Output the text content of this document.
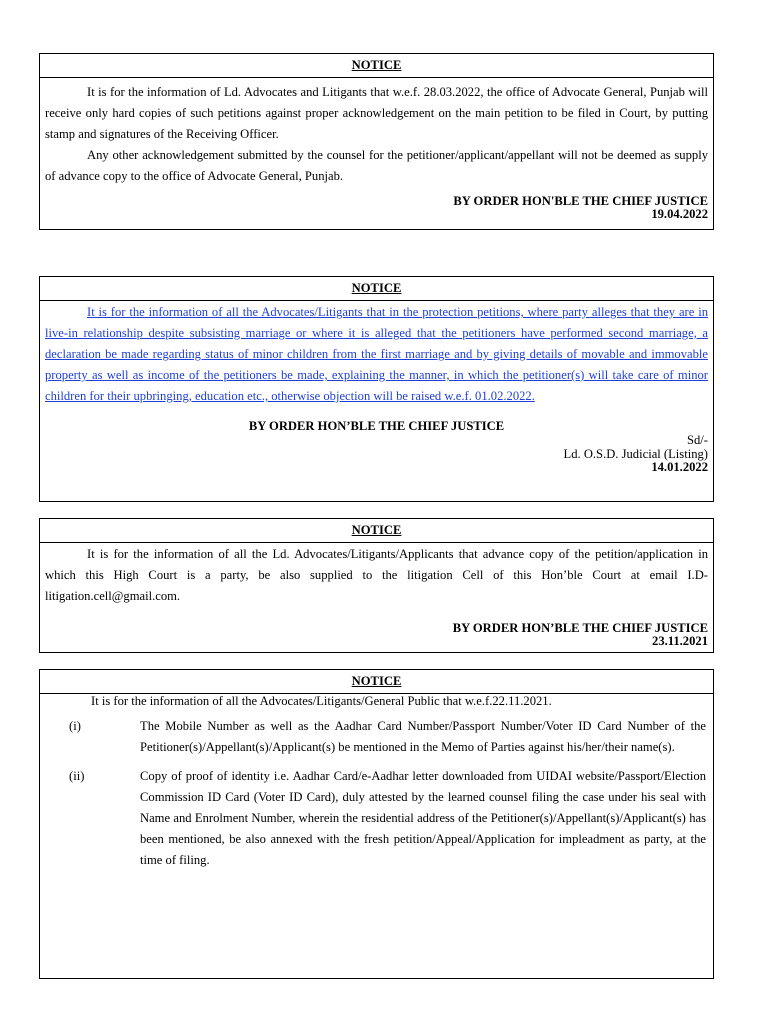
NOTICE

It is for the information of Ld. Advocates and Litigants that w.e.f. 28.03.2022, the office of Advocate General, Punjab will receive only hard copies of such petitions against proper acknowledgement on the main petition to be filed in Court, by putting stamp and signatures of the Receiving Officer.

Any other acknowledgement submitted by the counsel for the petitioner/applicant/appellant will not be deemed as supply of advance copy to the office of Advocate General, Punjab.

BY ORDER HON'BLE THE CHIEF JUSTICE
19.04.2022
NOTICE

It is for the information of all the Advocates/Litigants that in the protection petitions, where party alleges that they are in live-in relationship despite subsisting marriage or where it is alleged that the petitioners have performed second marriage, a declaration be made regarding status of minor children from the first marriage and by giving details of movable and immovable property as well as income of the petitioners be made, explaining the manner, in which the petitioner(s) will take care of minor children for their upbringing, education etc., otherwise objection will be raised w.e.f. 01.02.2022.

BY ORDER HON’BLE THE CHIEF JUSTICE
Sd/-
Ld. O.S.D. Judicial (Listing)
14.01.2022
NOTICE

It is for the information of all the Ld. Advocates/Litigants/Applicants that advance copy of the petition/application in which this High Court is a party, be also supplied to the litigation Cell of this Hon’ble Court at email I.D-litigation.cell@gmail.com.

BY ORDER HON’BLE THE CHIEF JUSTICE
23.11.2021
NOTICE

It is for the information of all the Advocates/Litigants/General Public that w.e.f.22.11.2021.

(i)	The Mobile Number as well as the Aadhar Card Number/Passport Number/Voter ID Card Number of the Petitioner(s)/Appellant(s)/Applicant(s) be mentioned in the Memo of Parties against his/her/their name(s).
(ii)	Copy of proof of identity i.e. Aadhar Card/e-Aadhar letter downloaded from UIDAI website/Passport/Election Commission ID Card (Voter ID Card), duly attested by the learned counsel filing the case under his seal with Name and Enrolment Number, wherein the residential address of the Petitioner(s)/Appellant(s)/Applicant(s) has been mentioned, be also annexed with the fresh petition/Appeal/Application for impleadment as party, at the time of filing.
